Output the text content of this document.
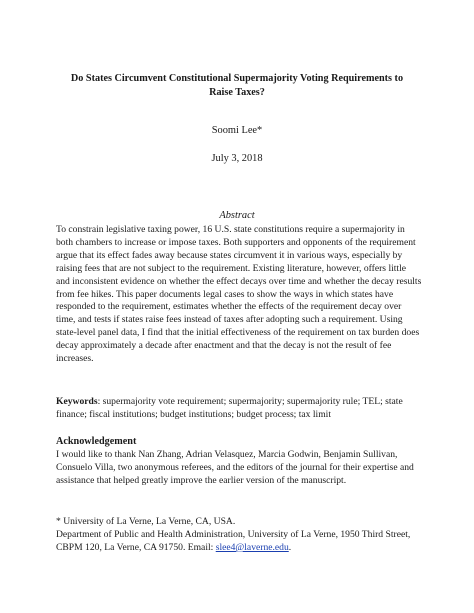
Do States Circumvent Constitutional Supermajority Voting Requirements to Raise Taxes?
Soomi Lee*
July 3, 2018
Abstract
To constrain legislative taxing power, 16 U.S. state constitutions require a supermajority in both chambers to increase or impose taxes. Both supporters and opponents of the requirement argue that its effect fades away because states circumvent it in various ways, especially by raising fees that are not subject to the requirement. Existing literature, however, offers little and inconsistent evidence on whether the effect decays over time and whether the decay results from fee hikes. This paper documents legal cases to show the ways in which states have responded to the requirement, estimates whether the effects of the requirement decay over time, and tests if states raise fees instead of taxes after adopting such a requirement. Using state-level panel data, I find that the initial effectiveness of the requirement on tax burden does decay approximately a decade after enactment and that the decay is not the result of fee increases.
Keywords: supermajority vote requirement; supermajority; supermajority rule; TEL; state finance; fiscal institutions; budget institutions; budget process; tax limit
Acknowledgement
I would like to thank Nan Zhang, Adrian Velasquez, Marcia Godwin, Benjamin Sullivan, Consuelo Villa, two anonymous referees, and the editors of the journal for their expertise and assistance that helped greatly improve the earlier version of the manuscript.
* University of La Verne, La Verne, CA, USA.
Department of Public and Health Administration, University of La Verne, 1950 Third Street, CBPM 120, La Verne, CA 91750. Email: slee4@laverne.edu.
